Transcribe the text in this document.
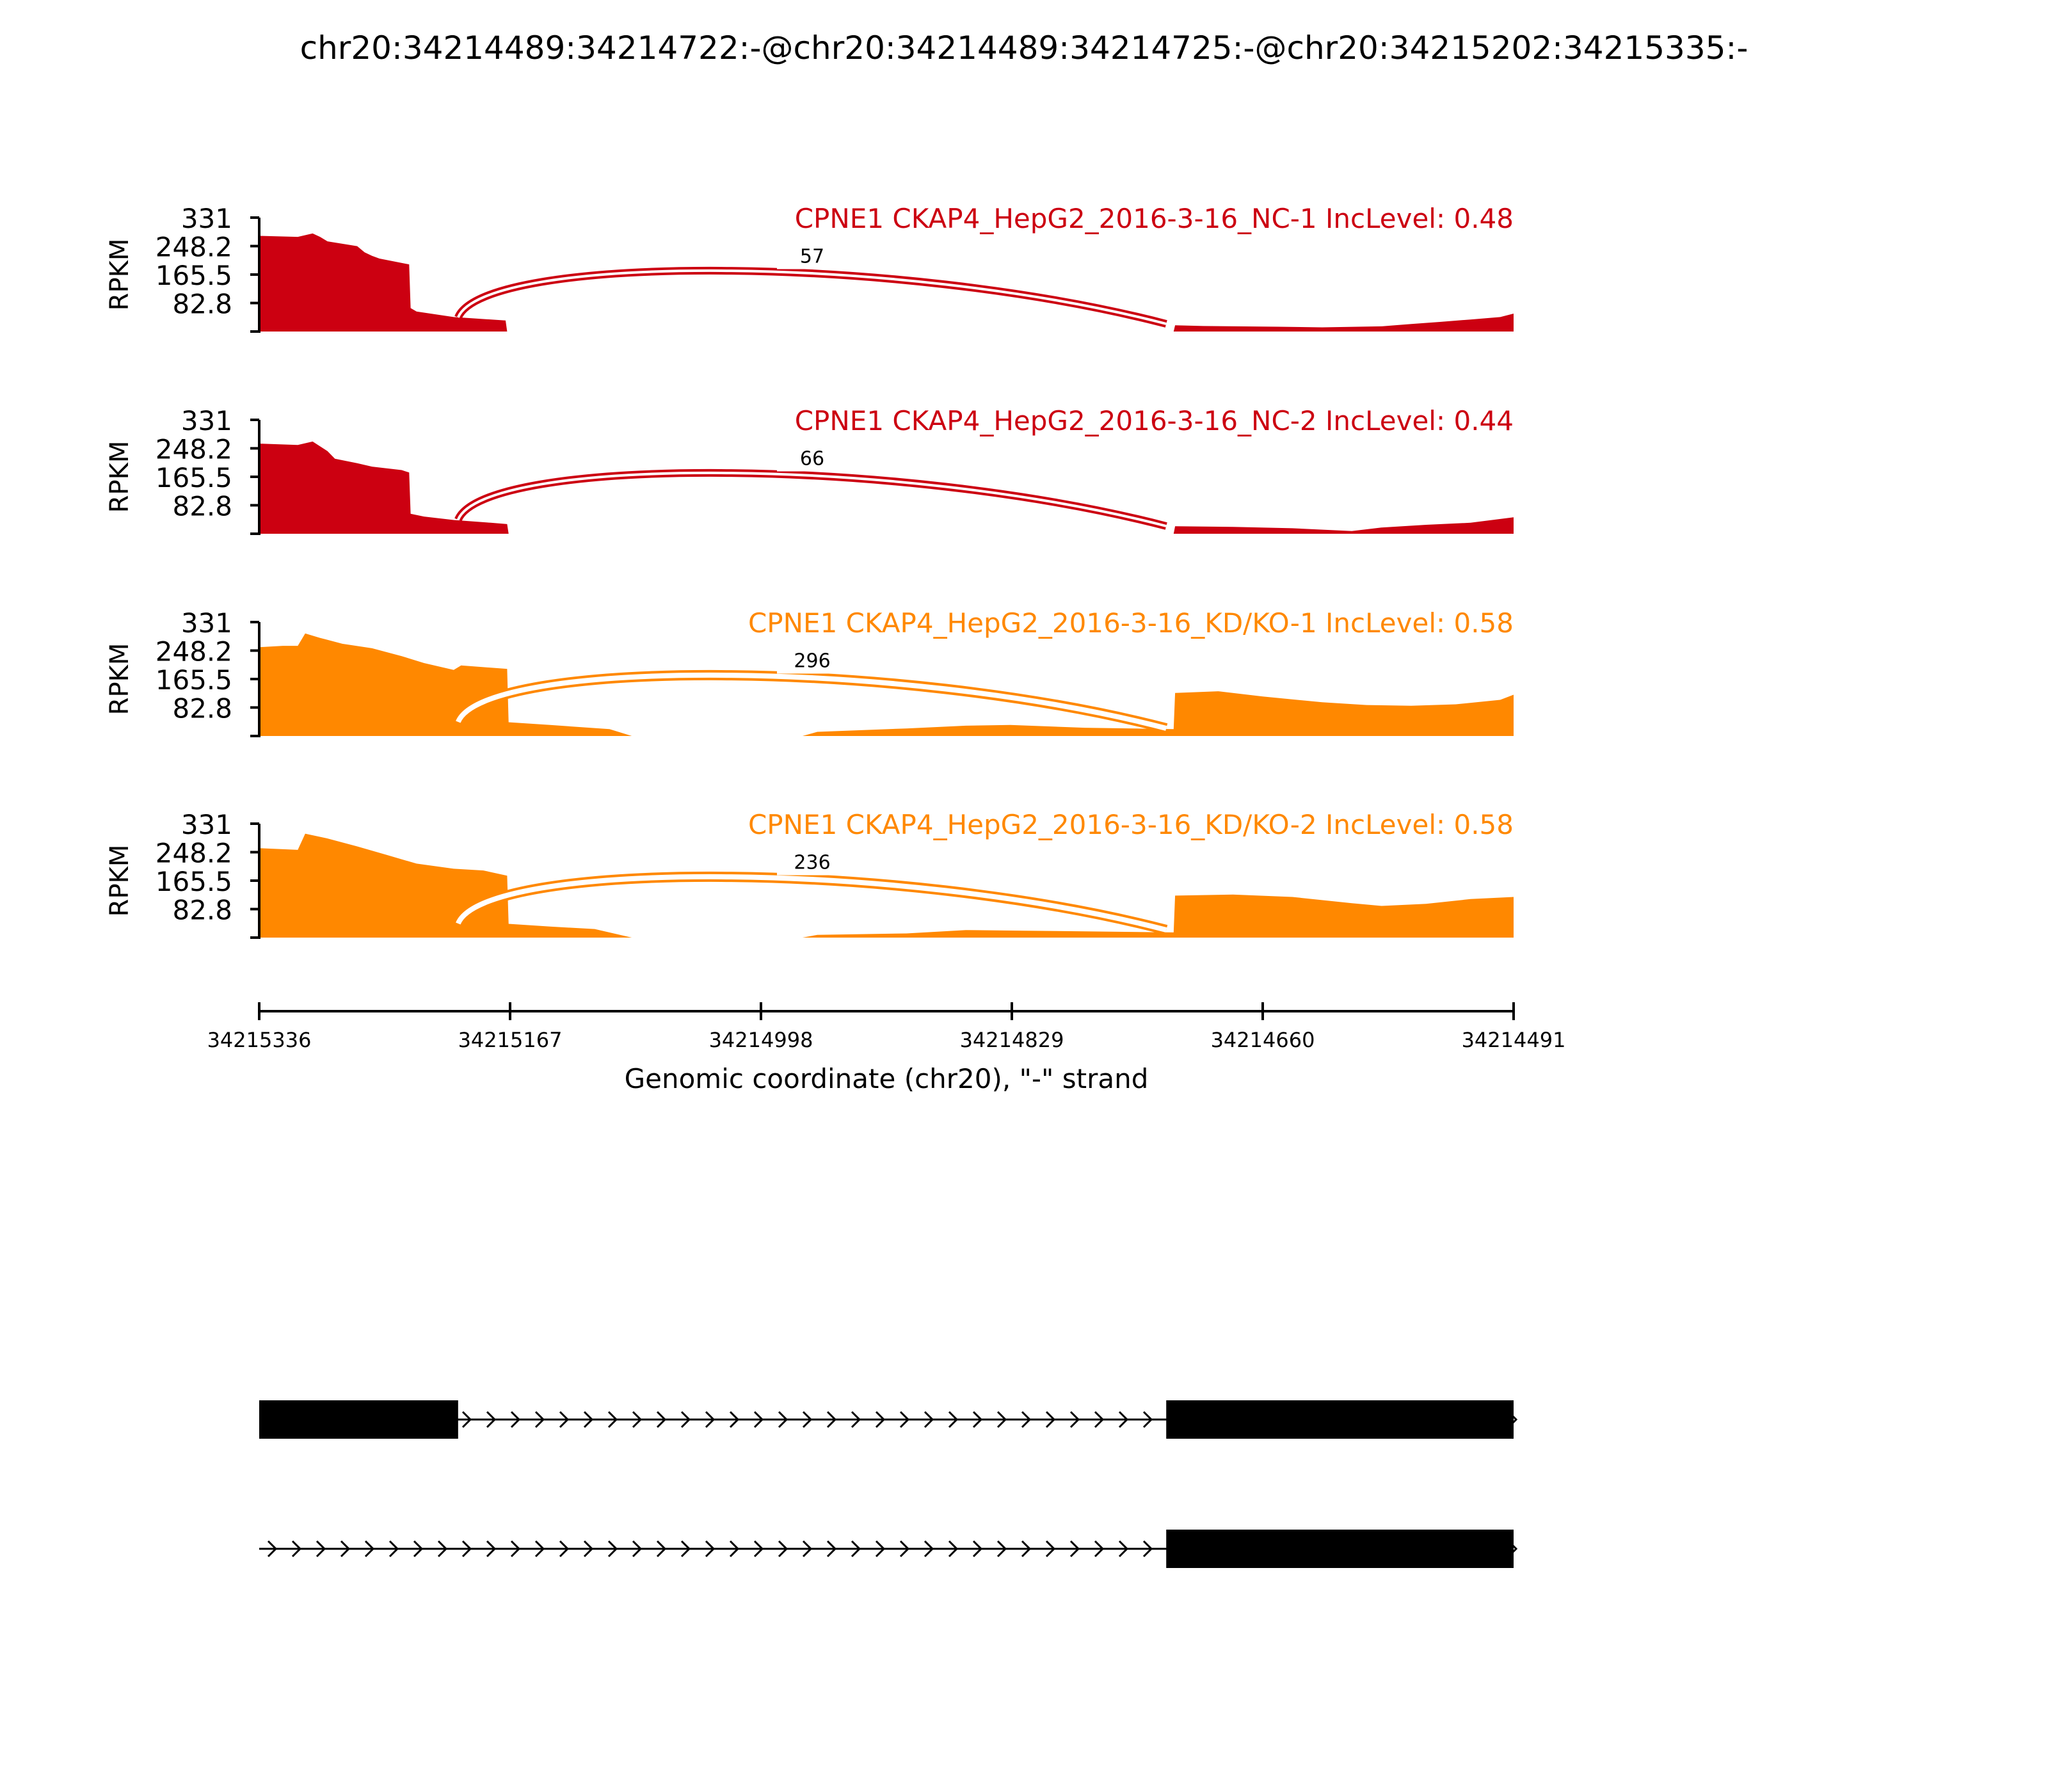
chr20:34214489:34214722:-@chr20:34214489:34214725:-@chr20:34215202:34215335:-
57
331
248.2
165.5
82.8
RPKM
CPNE1 CKAP4_HepG2_2016-3-16_NC-1 IncLevel: 0.48
66
331
248.2
165.5
82.8
RPKM
CPNE1 CKAP4_HepG2_2016-3-16_NC-2 IncLevel: 0.44
296
331
248.2
165.5
82.8
RPKM
CPNE1 CKAP4_HepG2_2016-3-16_KD/KO-1 IncLevel: 0.58
236
331
248.2
165.5
82.8
RPKM
CPNE1 CKAP4_HepG2_2016-3-16_KD/KO-2 IncLevel: 0.58
34215336	34215167	34214998	34214829	34214660	34214491
Genomic coordinate (chr20), "-" strand
